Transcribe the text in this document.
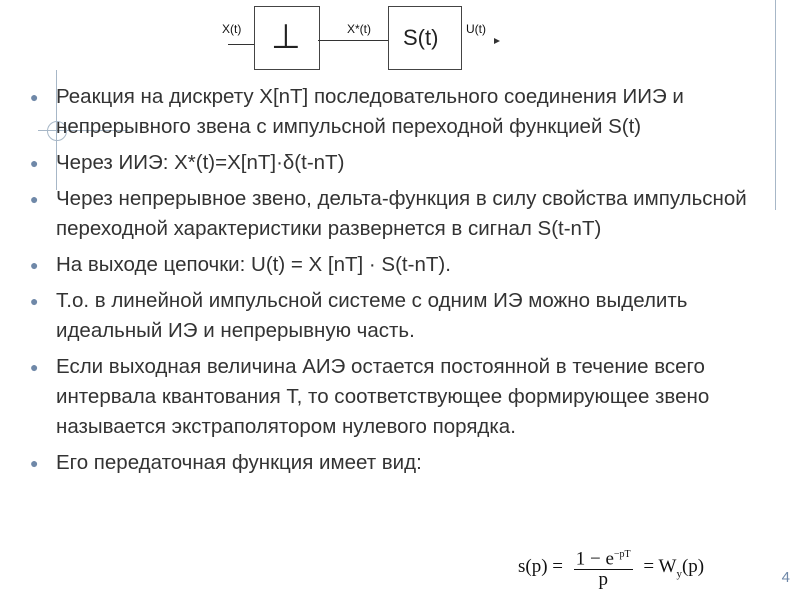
X(t) ⊥	X*(t) S(t) U(t)
● Реакция на дискрету X[nT] последовательного соединения ИИЭ и непрерывного звена с импульсной переходной функцией S(t)
● Через ИИЭ: X*(t)=X[nT]·δ(t-nT)
● Через непрерывное звено, дельта-функция в силу свойства импульсной переходной характеристики развернется в сигнал S(t-nT)
● На выходе цепочки: U(t) = X [nT] · S(t-nT).
● Т.о. в линейной импульсной системе с одним ИЭ можно выделить идеальный ИЭ и непрерывную часть.
● Если выходная величина АИЭ остается постоянной в течение всего интервала квантования Т, то соответствующее формирующее звено называется экстраполятором нулевого порядка.
● Его передаточная функция имеет вид:
$s(p) = \frac{1 - e^{-pT}}{p} = W_y(p)$
4
